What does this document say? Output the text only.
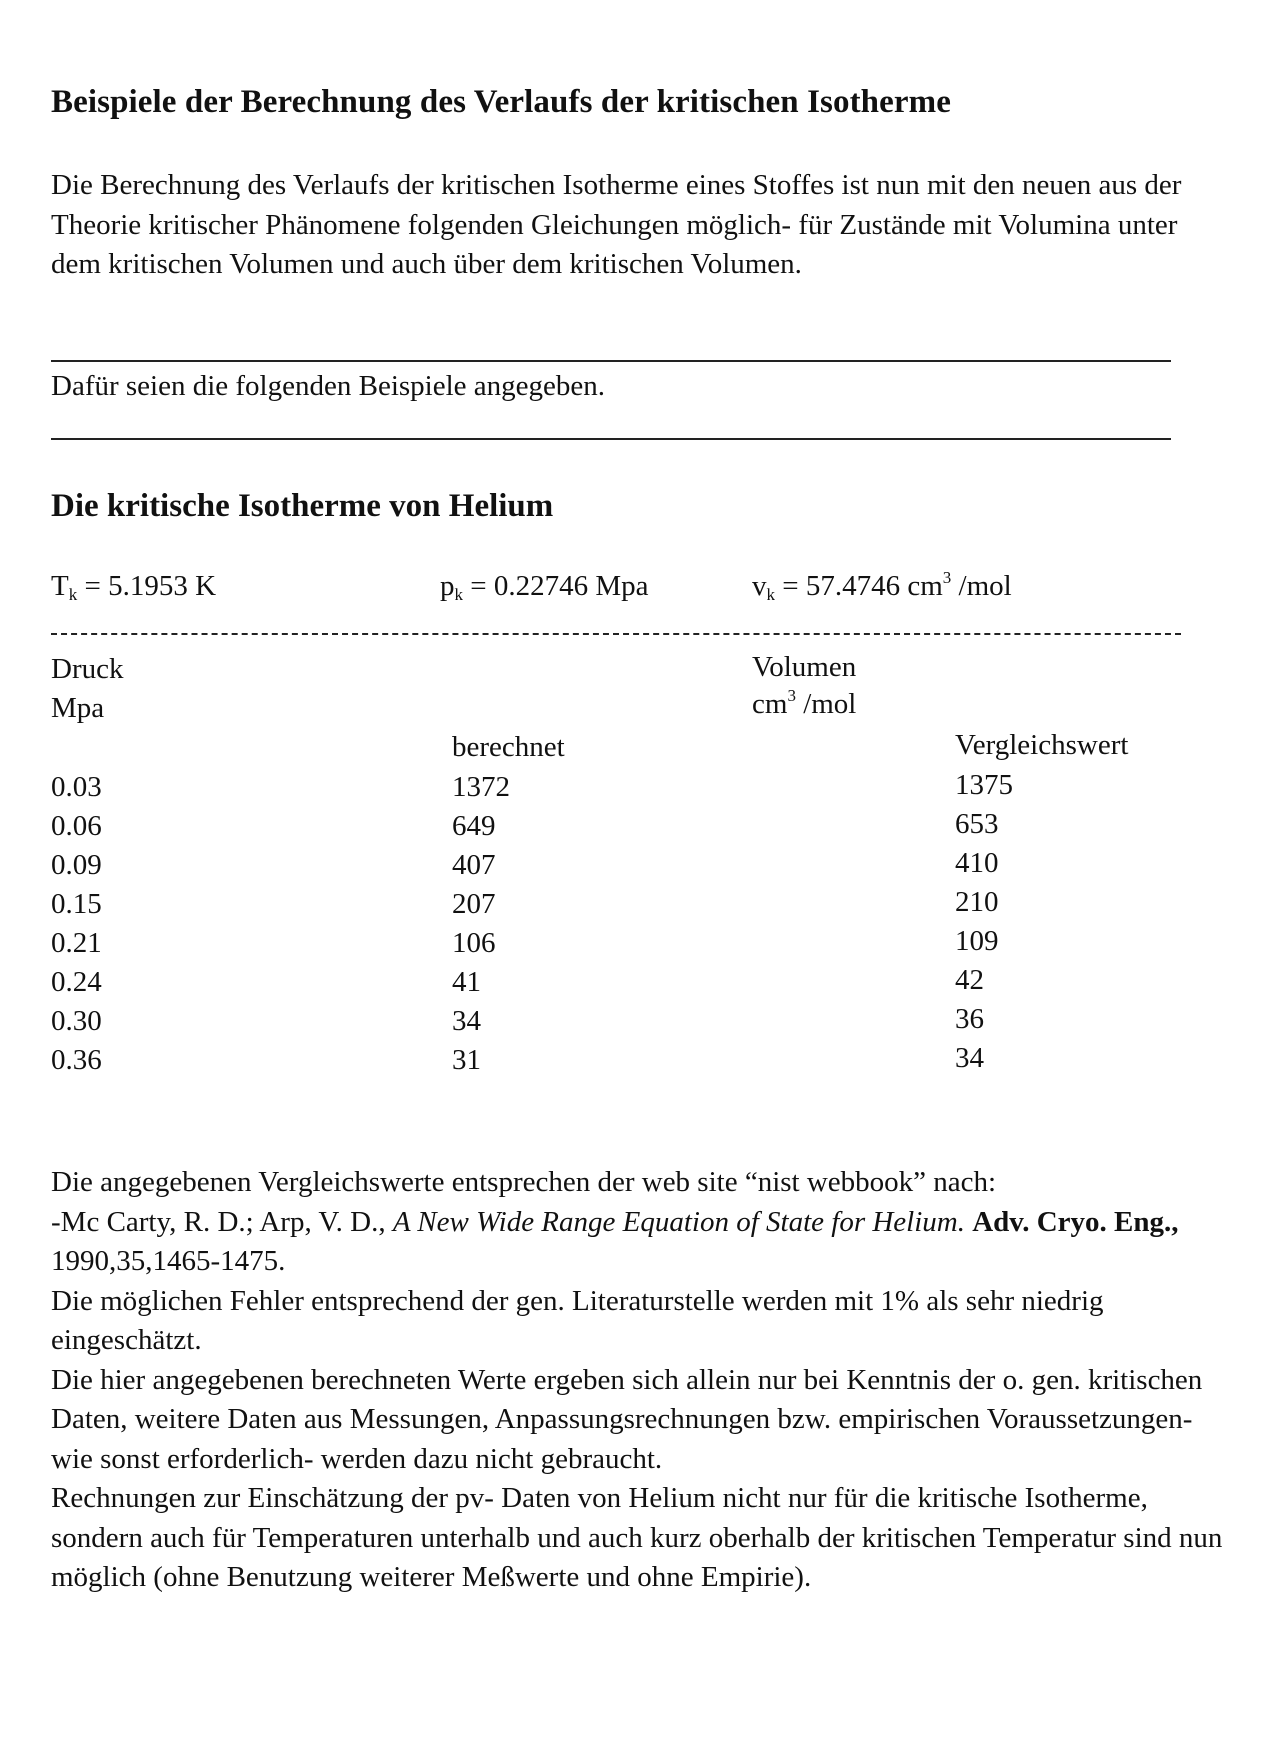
Beispiele der Berechnung des Verlaufs der kritischen Isotherme
Die Berechnung des Verlaufs der kritischen Isotherme eines Stoffes ist nun mit den neuen aus der Theorie kritischer Phänomene folgenden Gleichungen möglich- für Zustände mit Volumina unter dem kritischen Volumen und auch über dem kritischen Volumen.
Dafür seien die folgenden Beispiele angegeben.
Die kritische Isotherme von Helium
$T_k = 5.1953$ K	$p_k = 0.22746$ Mpa	$v_k = 57.4746$ $cm^3$ /mol
Druck
Mpa
Volumen
$cm^3$ /mol
berechnet	Vergleichswert
0.03	1372	1375
0.06	649	653
0.09	407	410
0.15	207	210
0.21	106	109
0.24	41	42
0.30	34	36
0.36	31	34

Die angegebenen Vergleichswerte entsprechen der web site “nist webbook” nach:

-Mc Carty, R. D.; Arp, V. D., A New Wide Range Equation of State for Helium. Adv. Cryo. Eng., 1990,35,1465-1475.

Die möglichen Fehler entsprechend der gen. Literaturstelle werden mit 1% als sehr niedrig eingeschätzt.

Die hier angegebenen berechneten Werte ergeben sich allein nur bei Kenntnis der o. gen. kritischen Daten, weitere Daten aus Messungen, Anpassungsrechnungen bzw. empirischen Voraussetzungen- wie sonst erforderlich- werden dazu nicht gebraucht.

Rechnungen zur Einschätzung der pv- Daten von Helium nicht nur für die kritische Isotherme, sondern auch für Temperaturen unterhalb und auch kurz oberhalb der kritischen Temperatur sind nun möglich (ohne Benutzung weiterer Meßwerte und ohne Empirie).
